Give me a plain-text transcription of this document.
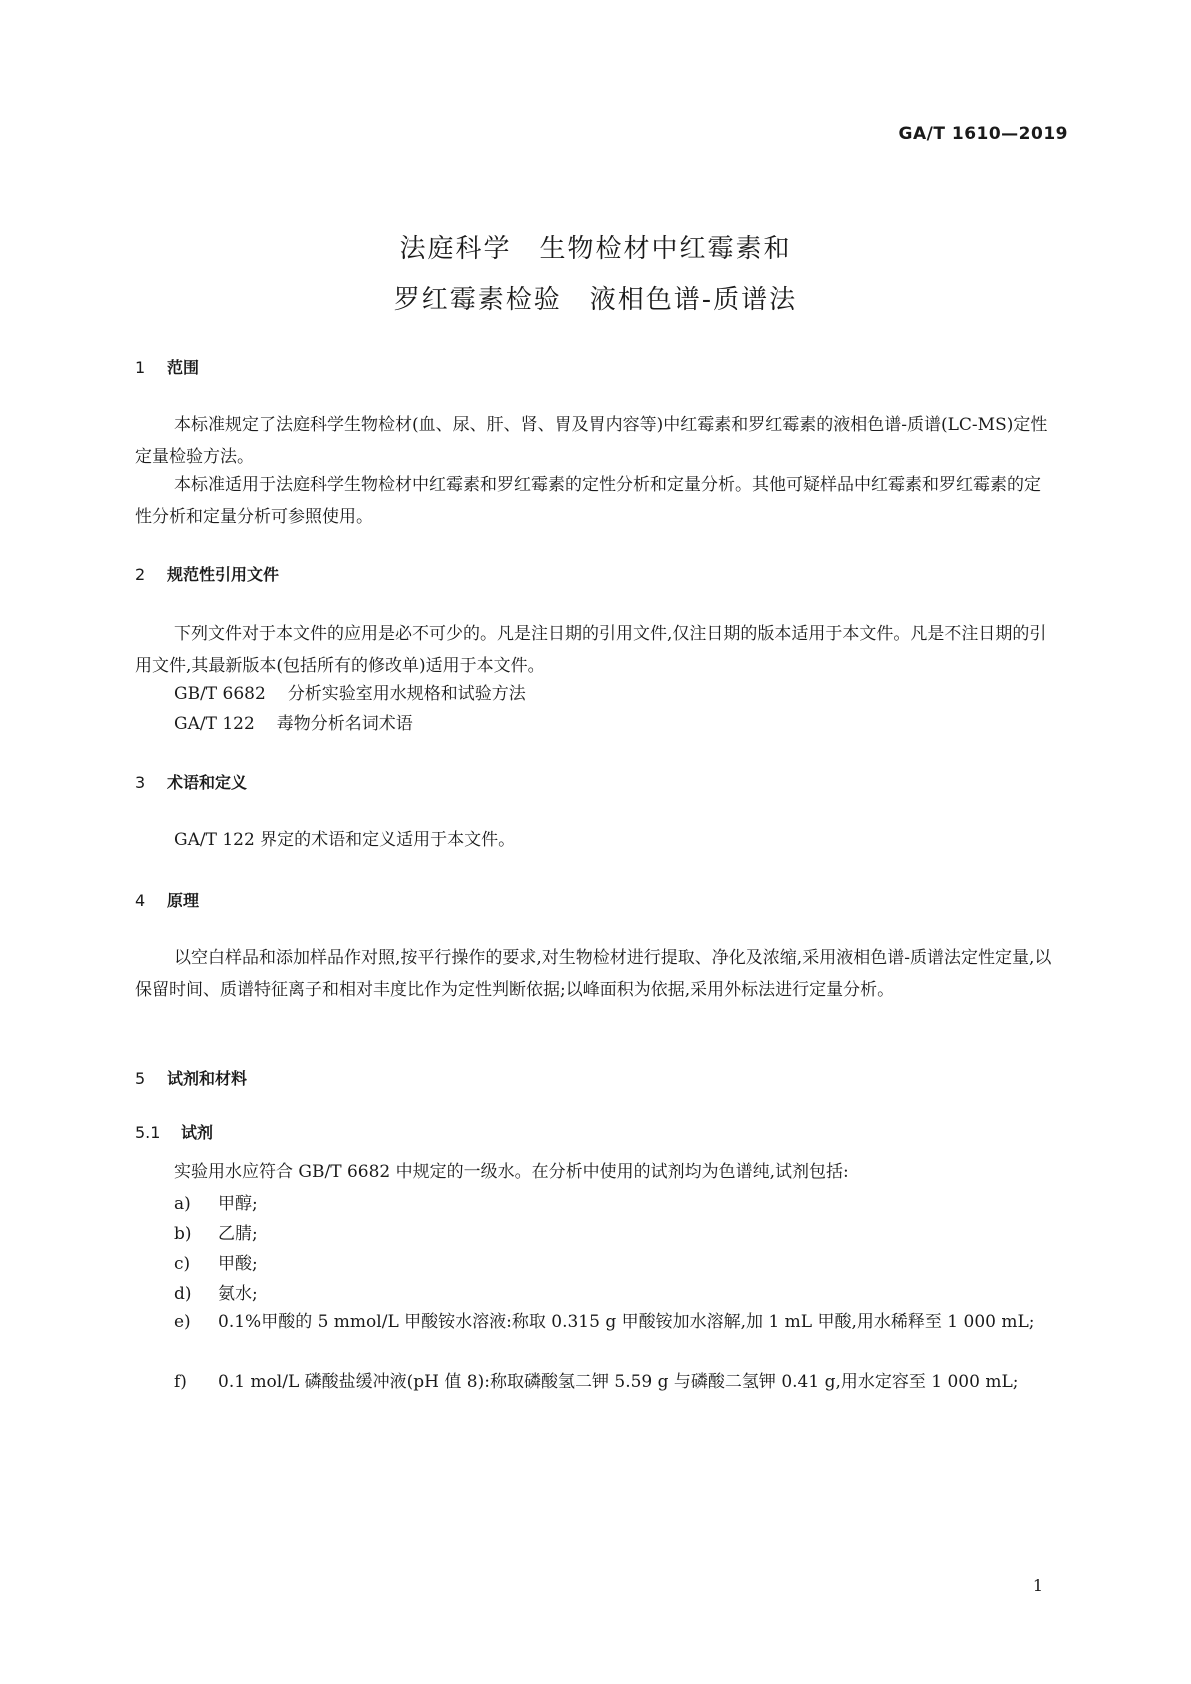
GA/T 1610—2019
法庭科学　生物检材中红霉素和
罗红霉素检验　液相色谱-质谱法
1 范围
本标准规定了法庭科学生物检材(血、尿、肝、肾、胃及胃内容等)中红霉素和罗红霉素的液相色谱-质谱(LC-MS)定性定量检验方法。
本标准适用于法庭科学生物检材中红霉素和罗红霉素的定性分析和定量分析。其他可疑样品中红霉素和罗红霉素的定性分析和定量分析可参照使用。
2 规范性引用文件
下列文件对于本文件的应用是必不可少的。凡是注日期的引用文件,仅注日期的版本适用于本文件。凡是不注日期的引用文件,其最新版本(包括所有的修改单)适用于本文件。
GB/T 6682 分析实验室用水规格和试验方法
GA/T 122 毒物分析名词术语
3 术语和定义
GA/T 122 界定的术语和定义适用于本文件。
4 原理
以空白样品和添加样品作对照,按平行操作的要求,对生物检材进行提取、净化及浓缩,采用液相色谱-质谱法定性定量,以保留时间、质谱特征离子和相对丰度比作为定性判断依据;以峰面积为依据,采用外标法进行定量分析。
5 试剂和材料
5.1 试剂
实验用水应符合 GB/T 6682 中规定的一级水。在分析中使用的试剂均为色谱纯,试剂包括:
a)	甲醇;
b)	乙腈;
c)	甲酸;
d)	氨水;
e)	0.1%甲酸的 5 mmol/L 甲酸铵水溶液:称取 0.315 g 甲酸铵加水溶解,加 1 mL 甲酸,用水稀释至 1 000 mL;
f)	0.1 mol/L 磷酸盐缓冲液(pH 值 8):称取磷酸氢二钾 5.59 g 与磷酸二氢钾 0.41 g,用水定容至 1 000 mL;
1
